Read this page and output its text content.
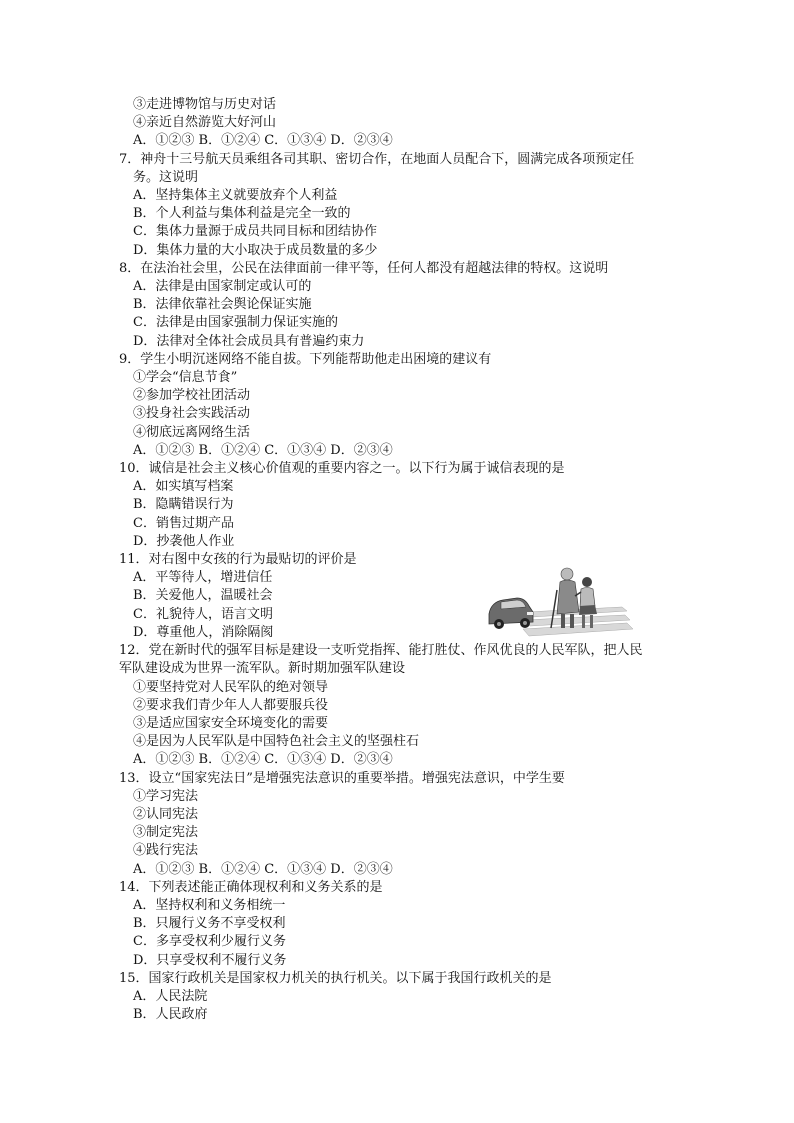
③走进博物馆与历史对话
④亲近自然游览大好河山
A．①②③ B．①②④ C．①③④ D．②③④
7．神舟十三号航天员乘组各司其职、密切合作，在地面人员配合下，圆满完成各项预定任
务。这说明
A．坚持集体主义就要放弃个人利益
B．个人利益与集体利益是完全一致的
C．集体力量源于成员共同目标和团结协作
D．集体力量的大小取决于成员数量的多少
8．在法治社会里，公民在法律面前一律平等，任何人都没有超越法律的特权。这说明
A．法律是由国家制定或认可的
B．法律依靠社会舆论保证实施
C．法律是由国家强制力保证实施的
D．法律对全体社会成员具有普遍约束力
9．学生小明沉迷网络不能自拔。下列能帮助他走出困境的建议有
①学会“信息节食”
②参加学校社团活动
③投身社会实践活动
④彻底远离网络生活
A．①②③ B．①②④ C．①③④ D．②③④
10．诚信是社会主义核心价值观的重要内容之一。以下行为属于诚信表现的是
A．如实填写档案
B．隐瞒错误行为
C．销售过期产品
D．抄袭他人作业
11．对右图中女孩的行为最贴切的评价是
A．平等待人，增进信任
B．关爱他人，温暖社会
C．礼貌待人，语言文明
D．尊重他人，消除隔阂
12．党在新时代的强军目标是建设一支听党指挥、能打胜仗、作风优良的人民军队，把人民
军队建设成为世界一流军队。新时期加强军队建设
①要坚持党对人民军队的绝对领导
②要求我们青少年人人都要服兵役
③是适应国家安全环境变化的需要
④是因为人民军队是中国特色社会主义的坚强柱石
A．①②③ B．①②④ C．①③④ D．②③④
13．设立“国家宪法日”是增强宪法意识的重要举措。增强宪法意识，中学生要
①学习宪法
②认同宪法
③制定宪法
④践行宪法
A．①②③ B．①②④ C．①③④ D．②③④
14．下列表述能正确体现权利和义务关系的是
A．坚持权利和义务相统一
B．只履行义务不享受权利
C．多享受权利少履行义务
D．只享受权利不履行义务
15．国家行政机关是国家权力机关的执行机关。以下属于我国行政机关的是
A．人民法院
B．人民政府
